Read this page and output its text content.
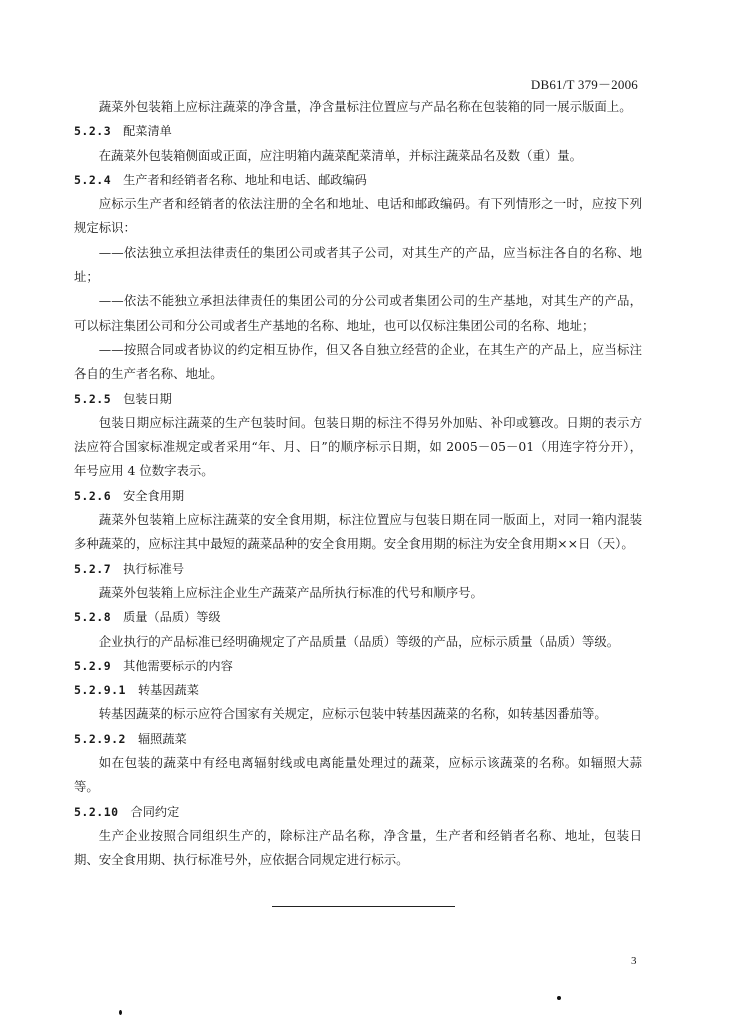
DB61/T 379－2006

蔬菜外包装箱上应标注蔬菜的净含量，净含量标注位置应与产品名称在包装箱的同一展示版面上。

5.2.3 配菜清单

在蔬菜外包装箱侧面或正面，应注明箱内蔬菜配菜清单，并标注蔬菜品名及数（重）量。

5.2.4 生产者和经销者名称、地址和电话、邮政编码

应标示生产者和经销者的依法注册的全名和地址、电话和邮政编码。有下列情形之一时，应按下列规定标识：

——依法独立承担法律责任的集团公司或者其子公司，对其生产的产品，应当标注各自的名称、地址；

——依法不能独立承担法律责任的集团公司的分公司或者集团公司的生产基地，对其生产的产品，可以标注集团公司和分公司或者生产基地的名称、地址，也可以仅标注集团公司的名称、地址；

——按照合同或者协议的约定相互协作，但又各自独立经营的企业，在其生产的产品上，应当标注各自的生产者名称、地址。

5.2.5 包装日期

包装日期应标注蔬菜的生产包装时间。包装日期的标注不得另外加贴、补印或篡改。日期的表示方法应符合国家标准规定或者采用“年、月、日”的顺序标示日期，如 2005－05－01（用连字符分开），年号应用 4 位数字表示。

5.2.6 安全食用期

蔬菜外包装箱上应标注蔬菜的安全食用期，标注位置应与包装日期在同一版面上，对同一箱内混装多种蔬菜的，应标注其中最短的蔬菜品种的安全食用期。安全食用期的标注为安全食用期××日（天）。

5.2.7 执行标准号

蔬菜外包装箱上应标注企业生产蔬菜产品所执行标准的代号和顺序号。

5.2.8 质量（品质）等级

企业执行的产品标准已经明确规定了产品质量（品质）等级的产品，应标示质量（品质）等级。

5.2.9 其他需要标示的内容

5.2.9.1 转基因蔬菜

转基因蔬菜的标示应符合国家有关规定，应标示包装中转基因蔬菜的名称，如转基因番茄等。

5.2.9.2 辐照蔬菜

如在包装的蔬菜中有经电离辐射线或电离能量处理过的蔬菜，应标示该蔬菜的名称。如辐照大蒜等。

5.2.10 合同约定

生产企业按照合同组织生产的，除标注产品名称，净含量，生产者和经销者名称、地址，包装日期、安全食用期、执行标准号外，应依据合同规定进行标示。

3
